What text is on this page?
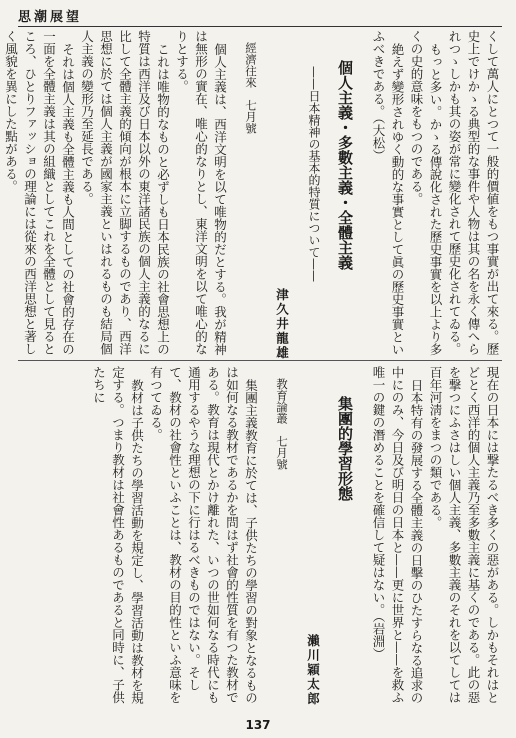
思潮展望

くして萬人にとつて一般的價値をもつ事實が出て來る。歷史上でけかゝる典型的な事件や人物は其の名を永く傳へられつゝしかも其の姿が常に變化されて歷史化されてゐる。

もっと多い。かゝる傳說化された歷史事實を以上より多くの史的意味をもつのである。

絶えず變形されゆく動的な事實として眞の歷史事實といふべきである。（大松）

個人主義・多數主義・全體主義

——日本精神の基本的特質について——

津久井龍雄

經濟往來　七月號

個人主義は、西洋文明を以て唯物的だとする。我が精神は無形の實在、唯心的なりとし、東洋文明を以て唯心的なりとする。

これは唯物的なものと必ずしも日本民族の社會思想上の特質は西洋及び日本以外の東洋諸民族の個人主義的なるに比して全體主義的傾向が根本に立脚するものであり、西洋思想に於ては個人主義が國家主義といはれるものも結局個人主義の變形乃至延長である。

それは個人主義も全體主義も人間としての社會的存在の一面を全體主義は其の組織としてこれを全體として見るところ、ひとりファッショの理論には從來の西洋思想と著しく風貌を異にした點がある。

現在の日本には撃たるべき多くの惡がある。しかもそれはとどとく西洋的個人主義乃至多數主義に基くのである。此の惡を撃つにふさはしい個人主義、多數主義のそれを以てしては百年河淸をまつの類である。

日本特有の發展する全體主義の日擊のひたすらなる追求の中にのみ、今日及び明日の日本と——更に世界と——を救ふ唯一の鍵の潛めることを確信して疑はない。（岩淵）

集團的學習形態

瀨川穎太郎

教育論叢　七月號

集團主義教育に於ては、子供たちの學習の對象となるものは如何なる教材であるかを問はず社會的性質を有つた教材である。教育は現代とかけ離れた、いつの世如何なる時代にも通用するやうな理想の下に行はるべきものではない。そして、教材の社會性といふことは、教材の目的性といふ意味を有つてゐる。

教材は子供たちの學習活動を規定し、學習活動は教材を規定する。つまり教材は社會性あるものであると同時に、子供たちに

137
